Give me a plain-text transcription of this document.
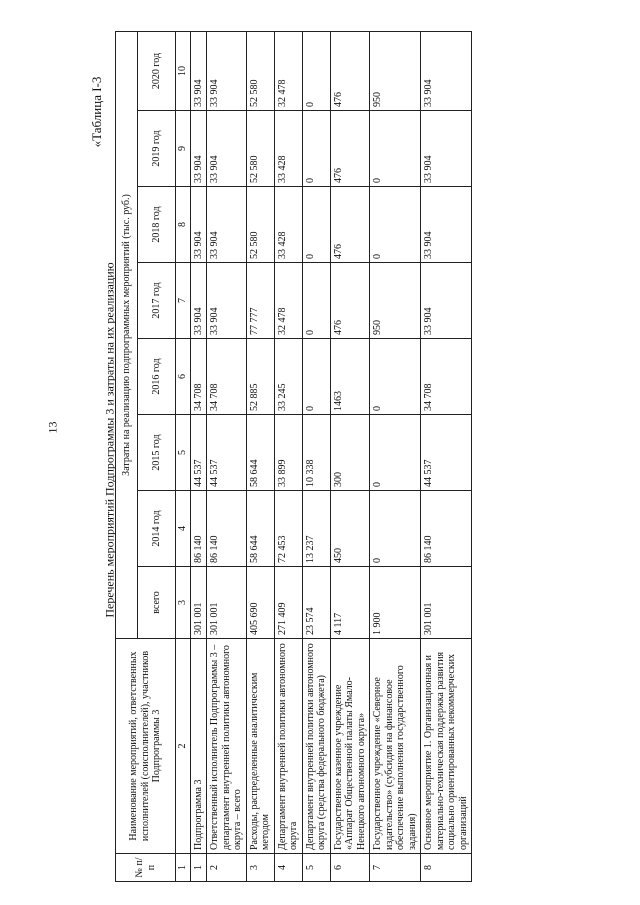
13
«Таблица I-3
Перечень мероприятий Подпрограммы 3 и затраты на их реализацию
№ п/п	Наименование мероприятий, ответственных исполнителей (соисполнителей), участников Подпрограммы 3	Затраты на реализацию подпрограммных мероприятий (тыс. руб.)							
		всего	2014 год	2015 год	2016 год	2017 год	2018 год	2019 год	2020 год
1	2	3	4	5	6	7	8	9	10
1	Подпрограмма 3	301 001	86 140	44 537	34 708	33 904	33 904	33 904	33 904
2	Ответственный исполнитель Подпрограммы 3 – департамент внутренней политики автономного округа – всего	301 001	86 140	44 537	34 708	33 904	33 904	33 904	33 904
3	Расходы, распределенные аналитическим методом	405 690	58 644	58 644	52 885	77 777	52 580	52 580	52 580
4	Департамент внутренней политики автономного округа	271 409	72 453	33 899	33 245	32 478	33 428	33 428	32 478
5	Департамент внутренней политики автономного округа (средства федерального бюджета)	23 574	13 237	10 338	0	0	0	0	0
6	Государственное казенное учреждение «Аппарат Общественной палаты Ямало-Ненецкого автономного округа»	4 117	450	300	1463	476	476	476	476
7	Государственное учреждение «Северное издательство» (субсидия на финансовое обеспечение выполнения государственного задания)	1 900	0	0	0	950	0	0	950
8	Основное мероприятие 1. Организационная и материально-техническая поддержка развития социально ориентированных некоммерческих организаций	301 001	86 140	44 537	34 708	33 904	33 904	33 904	33 904
